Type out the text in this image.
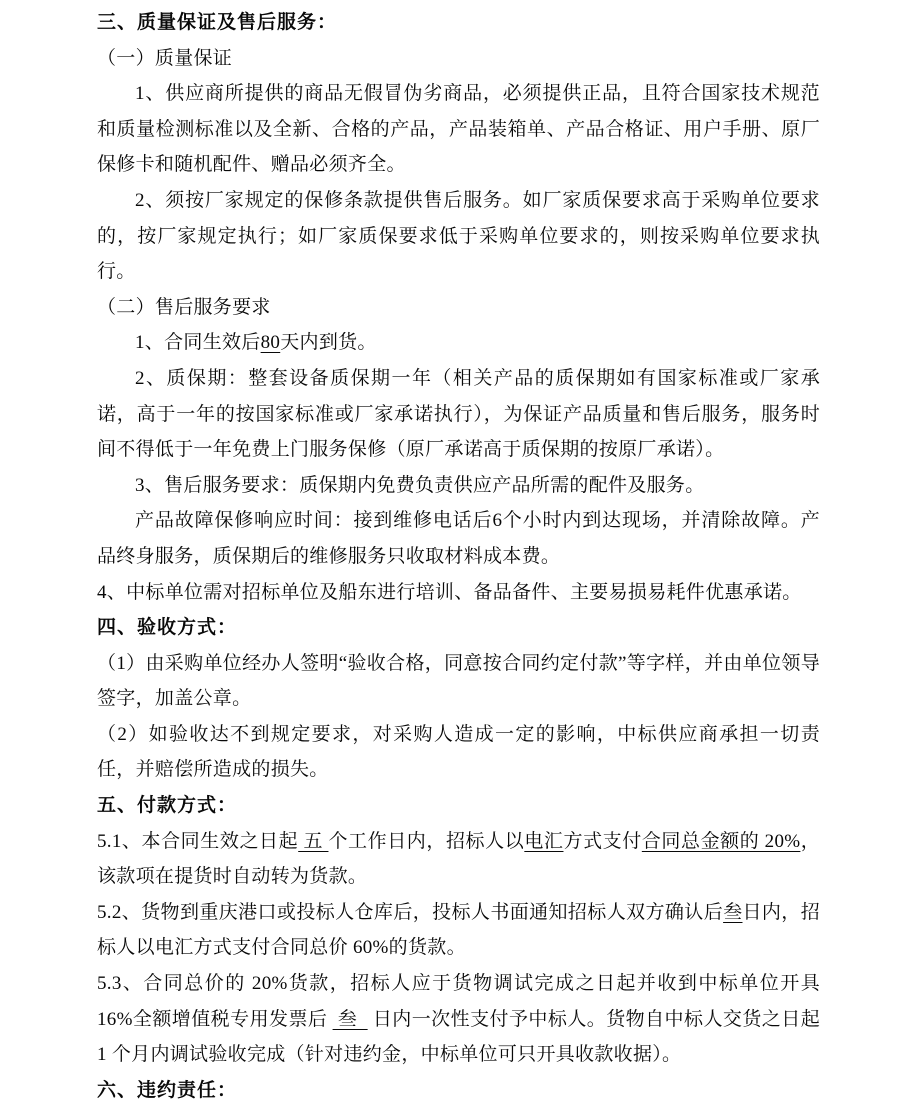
三、质量保证及售后服务：

（一）质量保证

1、供应商所提供的商品无假冒伪劣商品，必须提供正品，且符合国家技术规范和质量检测标准以及全新、合格的产品，产品装箱单、产品合格证、用户手册、原厂保修卡和随机配件、赠品必须齐全。

2、须按厂家规定的保修条款提供售后服务。如厂家质保要求高于采购单位要求的，按厂家规定执行；如厂家质保要求低于采购单位要求的，则按采购单位要求执行。

（二）售后服务要求

1、合同生效后80天内到货。

2、质保期：整套设备质保期一年（相关产品的质保期如有国家标准或厂家承诺，高于一年的按国家标准或厂家承诺执行），为保证产品质量和售后服务，服务时间不得低于一年免费上门服务保修（原厂承诺高于质保期的按原厂承诺）。

3、售后服务要求：质保期内免费负责供应产品所需的配件及服务。

产品故障保修响应时间：接到维修电话后6个小时内到达现场，并清除故障。产品终身服务，质保期后的维修服务只收取材料成本费。

4、中标单位需对招标单位及船东进行培训、备品备件、主要易损易耗件优惠承诺。

四、验收方式：

（1）由采购单位经办人签明“验收合格，同意按合同约定付款”等字样，并由单位领导签字，加盖公章。

（2）如验收达不到规定要求，对采购人造成一定的影响，中标供应商承担一切责任，并赔偿所造成的损失。

五、付款方式：

5.1、本合同生效之日起 五 个工作日内，招标人以电汇方式支付合同总金额的 20%，该款项在提货时自动转为货款。

5.2、货物到重庆港口或投标人仓库后，投标人书面通知招标人双方确认后叁日内，招标人以电汇方式支付合同总价 60%的货款。

5.3、合同总价的 20%货款，招标人应于货物调试完成之日起并收到中标单位开具 16%全额增值税专用发票后  叁   日内一次性支付予中标人。货物自中标人交货之日起 1 个月内调试验收完成（针对违约金，中标单位可只开具收款收据）。

六、违约责任：
